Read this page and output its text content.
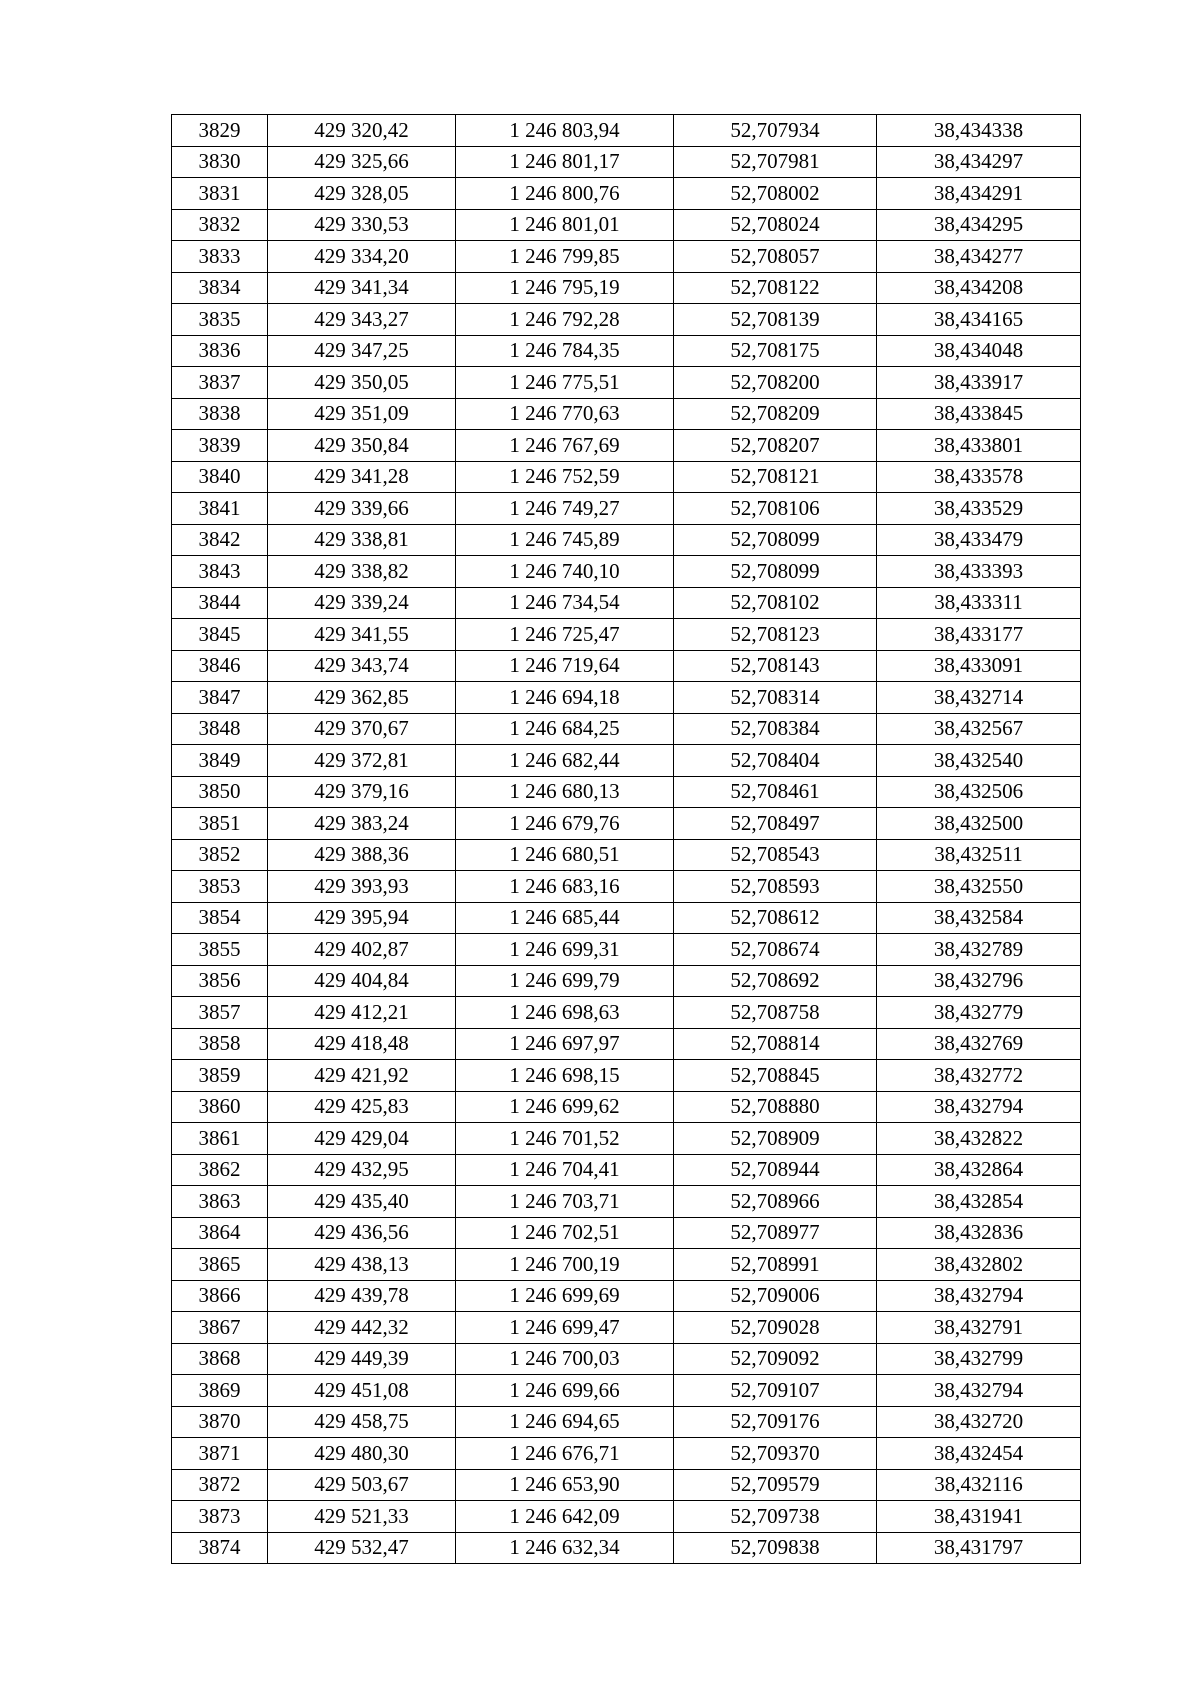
3829	429 320,42	1 246 803,94	52,707934	38,434338
3830	429 325,66	1 246 801,17	52,707981	38,434297
3831	429 328,05	1 246 800,76	52,708002	38,434291
3832	429 330,53	1 246 801,01	52,708024	38,434295
3833	429 334,20	1 246 799,85	52,708057	38,434277
3834	429 341,34	1 246 795,19	52,708122	38,434208
3835	429 343,27	1 246 792,28	52,708139	38,434165
3836	429 347,25	1 246 784,35	52,708175	38,434048
3837	429 350,05	1 246 775,51	52,708200	38,433917
3838	429 351,09	1 246 770,63	52,708209	38,433845
3839	429 350,84	1 246 767,69	52,708207	38,433801
3840	429 341,28	1 246 752,59	52,708121	38,433578
3841	429 339,66	1 246 749,27	52,708106	38,433529
3842	429 338,81	1 246 745,89	52,708099	38,433479
3843	429 338,82	1 246 740,10	52,708099	38,433393
3844	429 339,24	1 246 734,54	52,708102	38,433311
3845	429 341,55	1 246 725,47	52,708123	38,433177
3846	429 343,74	1 246 719,64	52,708143	38,433091
3847	429 362,85	1 246 694,18	52,708314	38,432714
3848	429 370,67	1 246 684,25	52,708384	38,432567
3849	429 372,81	1 246 682,44	52,708404	38,432540
3850	429 379,16	1 246 680,13	52,708461	38,432506
3851	429 383,24	1 246 679,76	52,708497	38,432500
3852	429 388,36	1 246 680,51	52,708543	38,432511
3853	429 393,93	1 246 683,16	52,708593	38,432550
3854	429 395,94	1 246 685,44	52,708612	38,432584
3855	429 402,87	1 246 699,31	52,708674	38,432789
3856	429 404,84	1 246 699,79	52,708692	38,432796
3857	429 412,21	1 246 698,63	52,708758	38,432779
3858	429 418,48	1 246 697,97	52,708814	38,432769
3859	429 421,92	1 246 698,15	52,708845	38,432772
3860	429 425,83	1 246 699,62	52,708880	38,432794
3861	429 429,04	1 246 701,52	52,708909	38,432822
3862	429 432,95	1 246 704,41	52,708944	38,432864
3863	429 435,40	1 246 703,71	52,708966	38,432854
3864	429 436,56	1 246 702,51	52,708977	38,432836
3865	429 438,13	1 246 700,19	52,708991	38,432802
3866	429 439,78	1 246 699,69	52,709006	38,432794
3867	429 442,32	1 246 699,47	52,709028	38,432791
3868	429 449,39	1 246 700,03	52,709092	38,432799
3869	429 451,08	1 246 699,66	52,709107	38,432794
3870	429 458,75	1 246 694,65	52,709176	38,432720
3871	429 480,30	1 246 676,71	52,709370	38,432454
3872	429 503,67	1 246 653,90	52,709579	38,432116
3873	429 521,33	1 246 642,09	52,709738	38,431941
3874	429 532,47	1 246 632,34	52,709838	38,431797
